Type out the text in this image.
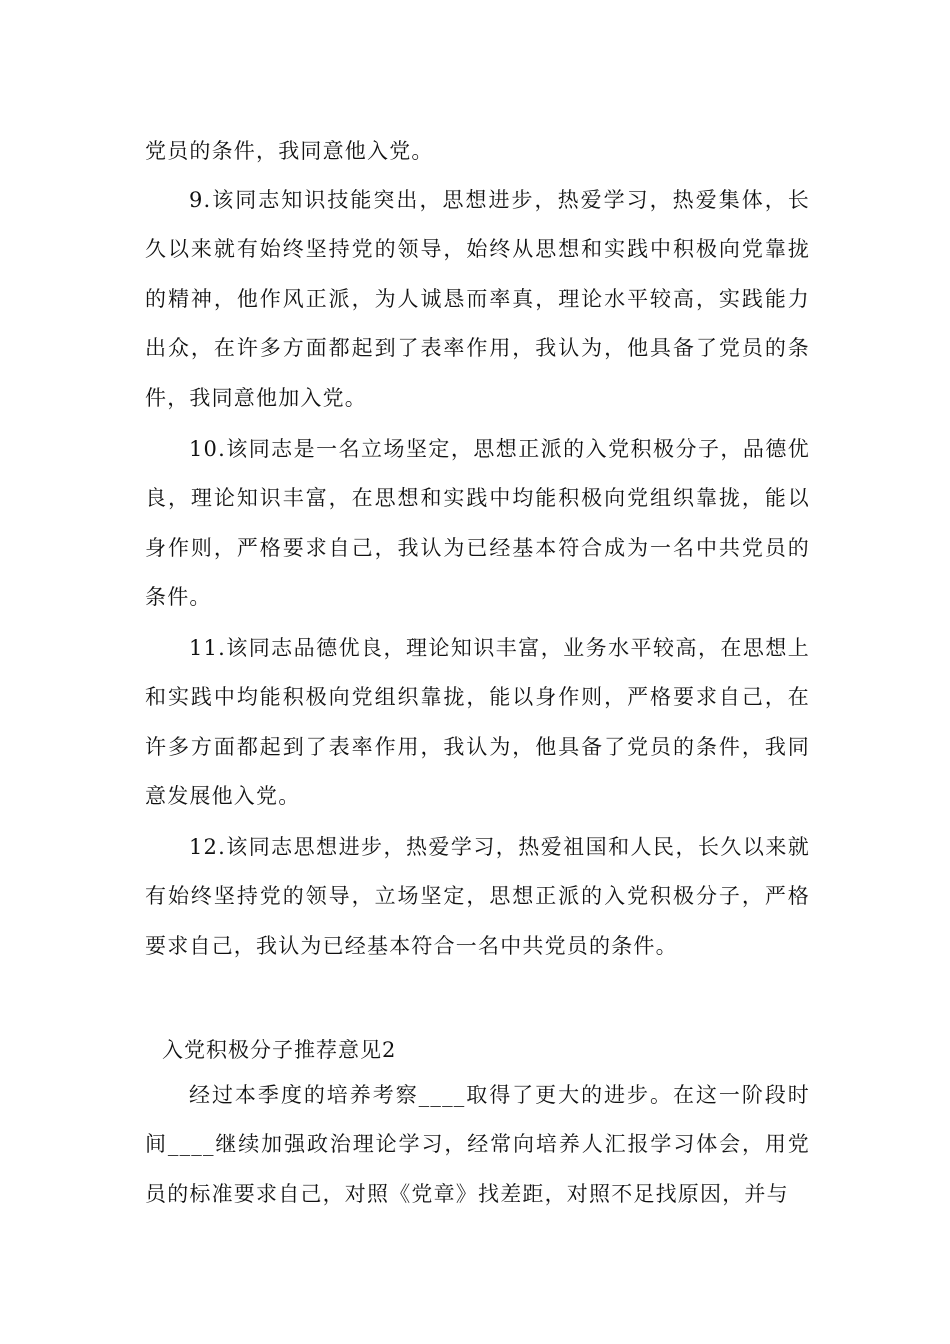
党员的条件，我同意他入党。

9.该同志知识技能突出，思想进步，热爱学习，热爱集体，长久以来就有始终坚持党的领导，始终从思想和实践中积极向党靠拢的精神，他作风正派，为人诚恳而率真，理论水平较高，实践能力出众，在许多方面都起到了表率作用，我认为，他具备了党员的条件，我同意他加入党。

10.该同志是一名立场坚定，思想正派的入党积极分子，品德优良，理论知识丰富，在思想和实践中均能积极向党组织靠拢，能以身作则，严格要求自己，我认为已经基本符合成为一名中共党员的条件。

11.该同志品德优良，理论知识丰富，业务水平较高，在思想上和实践中均能积极向党组织靠拢，能以身作则，严格要求自己，在许多方面都起到了表率作用，我认为，他具备了党员的条件，我同意发展他入党。

12.该同志思想进步，热爱学习，热爱祖国和人民，长久以来就有始终坚持党的领导，立场坚定，思想正派的入党积极分子，严格要求自己，我认为已经基本符合一名中共党员的条件。

入党积极分子推荐意见2

经过本季度的培养考察____取得了更大的进步。在这一阶段时间____继续加强政治理论学习，经常向培养人汇报学习体会，用党员的标准要求自己，对照《党章》找差距，对照不足找原因，并与
